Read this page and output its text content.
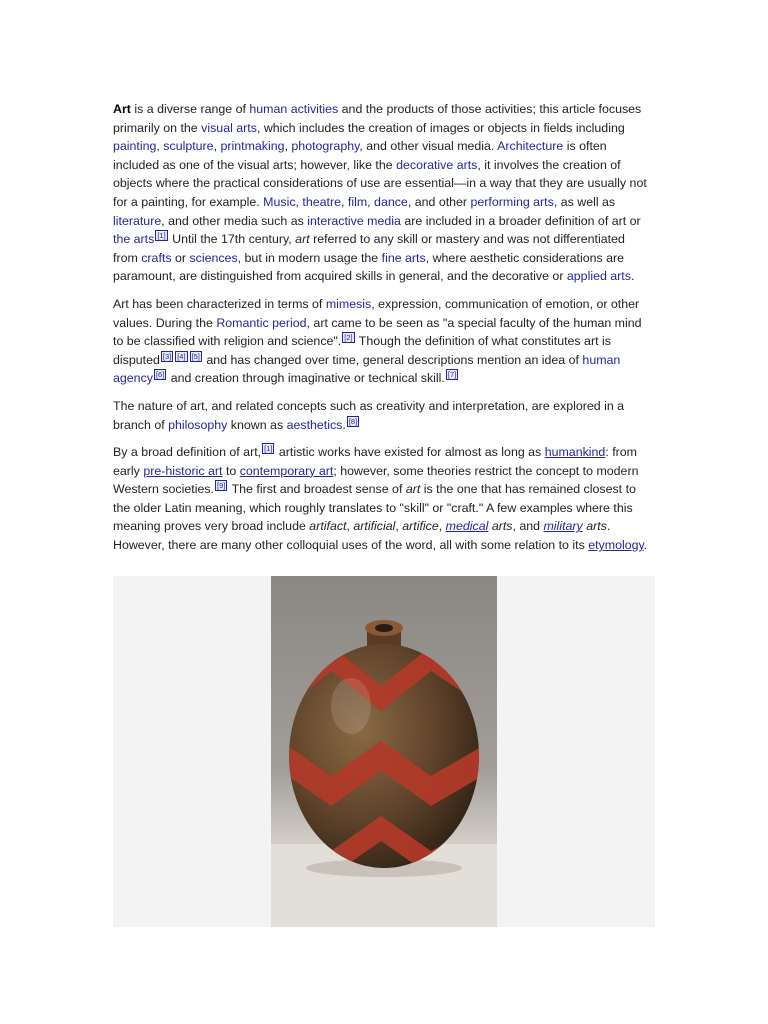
Art is a diverse range of human activities and the products of those activities; this article focuses primarily on the visual arts, which includes the creation of images or objects in fields including painting, sculpture, printmaking, photography, and other visual media. Architecture is often included as one of the visual arts; however, like the decorative arts, it involves the creation of objects where the practical considerations of use are essential—in a way that they are usually not for a painting, for example. Music, theatre, film, dance, and other performing arts, as well as literature, and other media such as interactive media are included in a broader definition of art or the arts [1] Until the 17th century, art referred to any skill or mastery and was not differentiated from crafts or sciences, but in modern usage the fine arts, where aesthetic considerations are paramount, are distinguished from acquired skills in general, and the decorative or applied arts.

Art has been characterized in terms of mimesis, expression, communication of emotion, or other values. During the Romantic period, art came to be seen as "a special faculty of the human mind to be classified with religion and science". [2] Though the definition of what constitutes art is disputed [3] [4] [5] and has changed over time, general descriptions mention an idea of human agency [6] and creation through imaginative or technical skill. [7]

The nature of art, and related concepts such as creativity and interpretation, are explored in a branch of philosophy known as aesthetics. [8]

By a broad definition of art, [1] artistic works have existed for almost as long as humankind: from early pre-historic art to contemporary art; however, some theories restrict the concept to modern Western societies. [9] The first and broadest sense of art is the one that has remained closest to the older Latin meaning, which roughly translates to "skill" or "craft." A few examples where this meaning proves very broad include artifact, artificial, artifice, medical arts, and military arts. However, there are many other colloquial uses of the word, all with some relation to its etymology.
